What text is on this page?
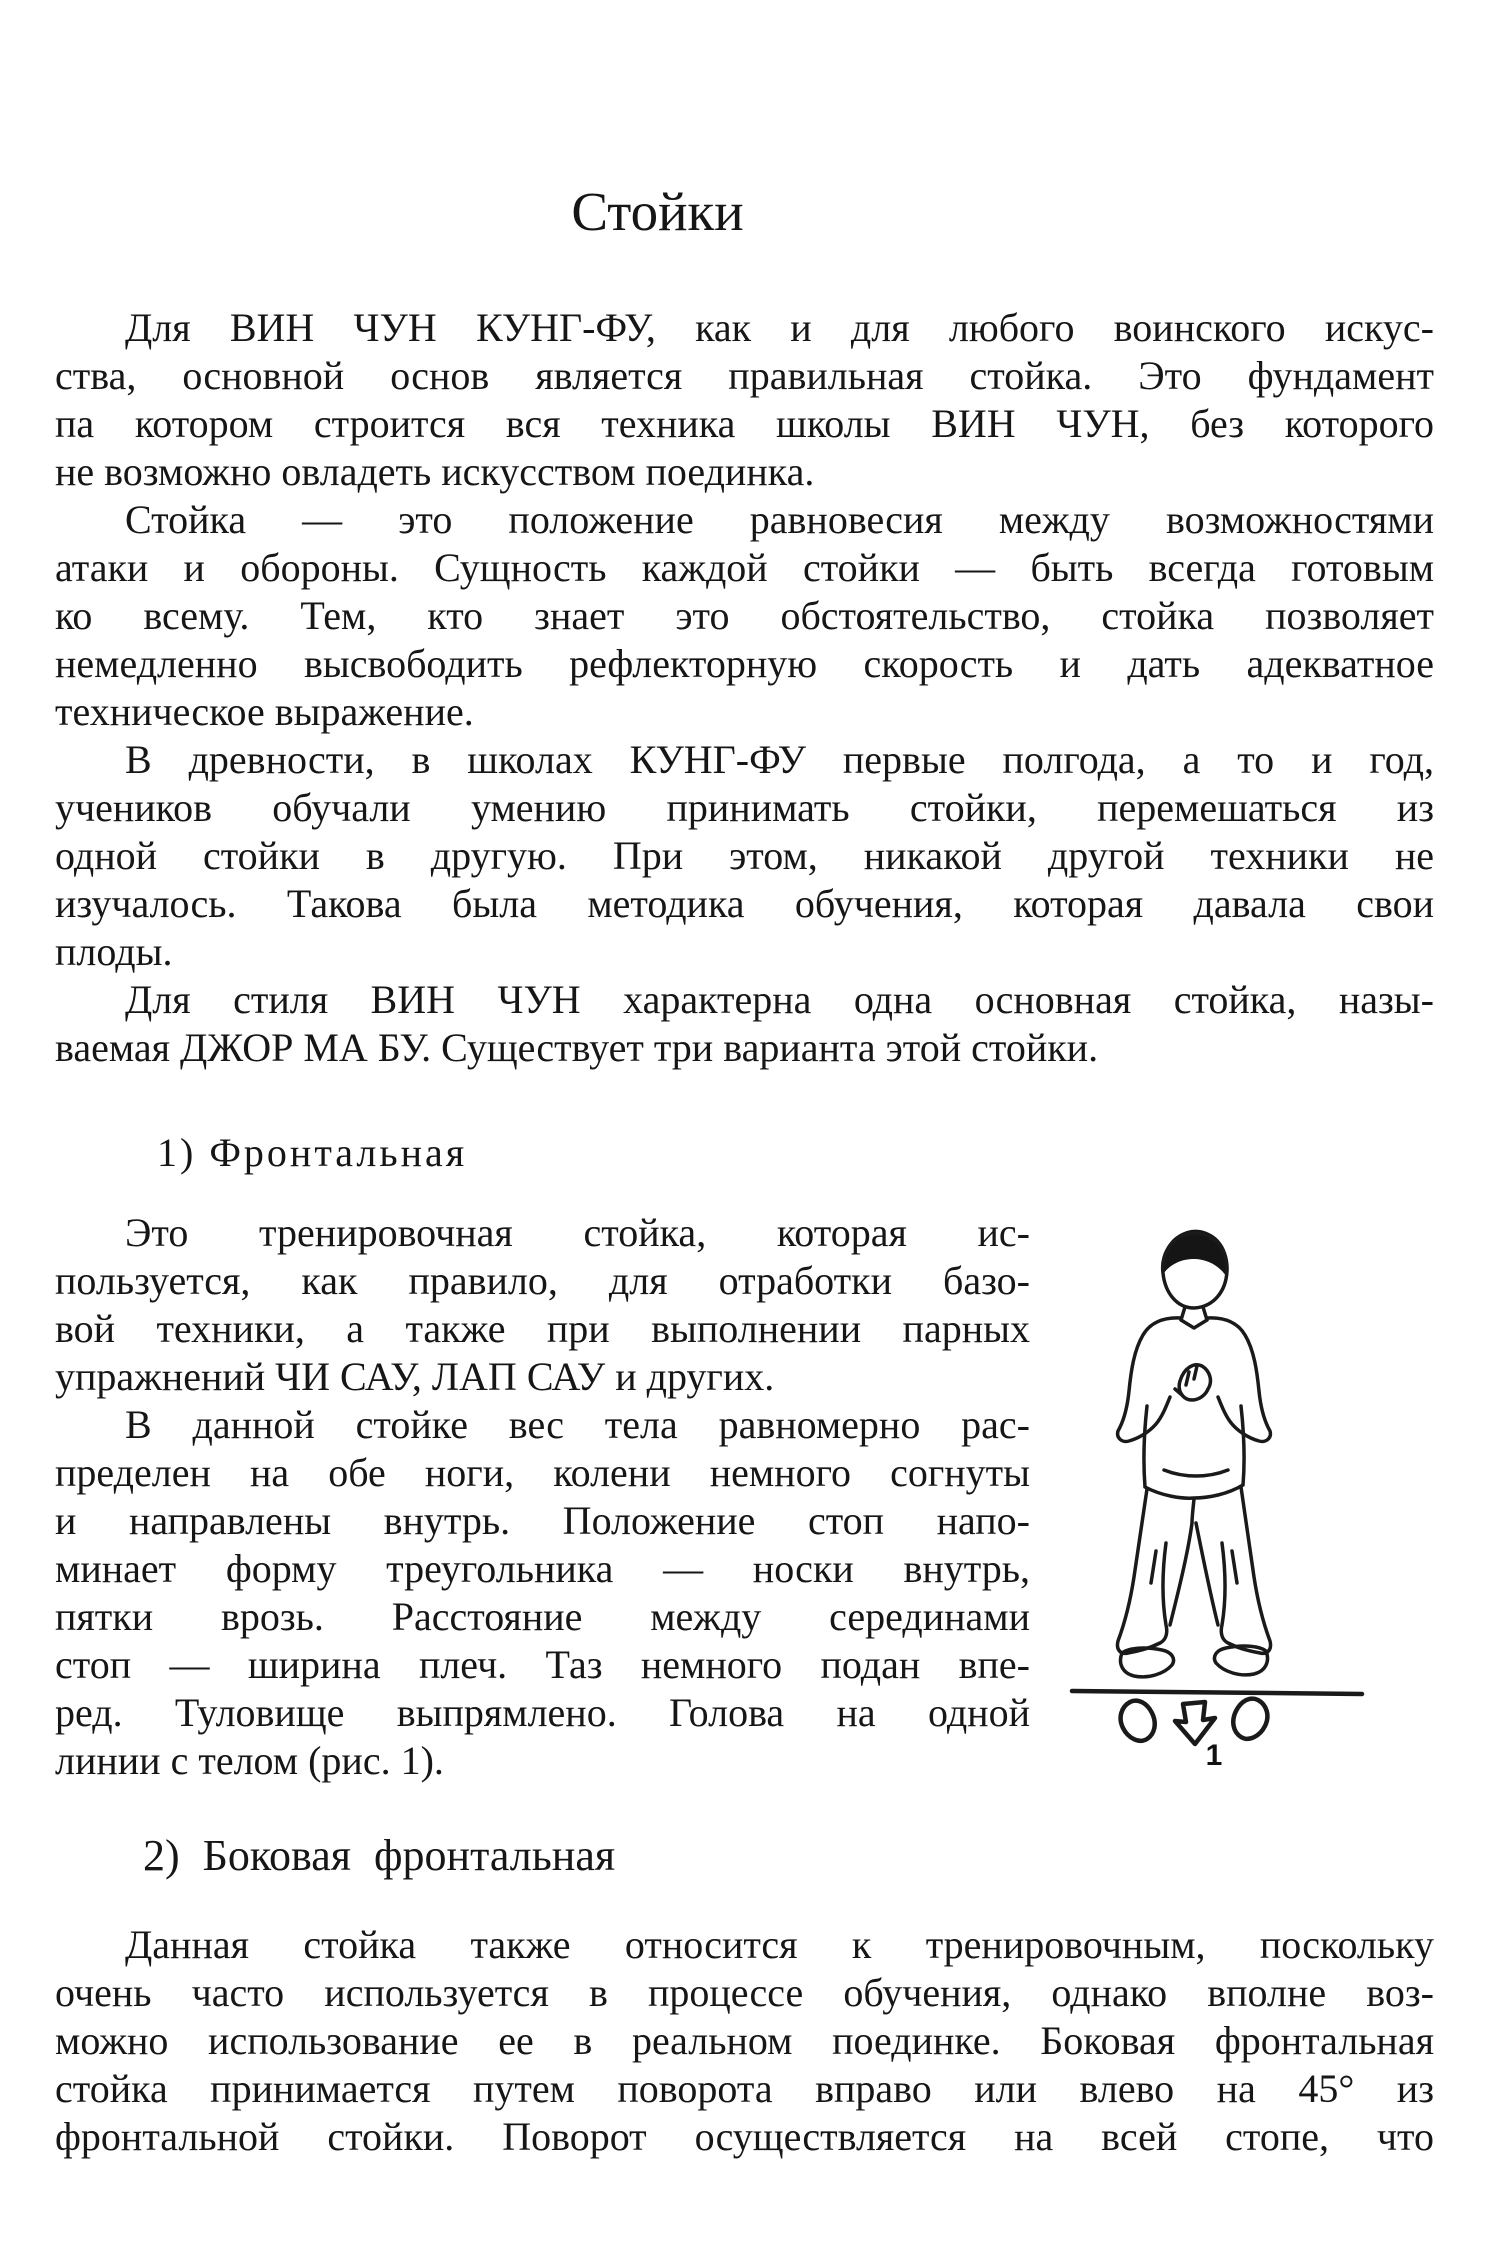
Стойки
Для ВИН ЧУН КУНГ-ФУ, как и для любого воинского искус-
ства, основной основ является правильная стойка. Это фундамент
па котором строится вся техника школы ВИН ЧУН, без которого
не возможно овладеть искусством поединка.
Стойка — это положение равновесия между возможностями
атаки и обороны. Сущность каждой стойки — быть всегда готовым
ко всему. Тем, кто знает это обстоятельство, стойка позволяет
немедленно высвободить рефлекторную скорость и дать адекватное
техническое выражение.
В древности, в школах КУНГ-ФУ первые полгода, а то и год,
учеников обучали умению принимать стойки, перемешаться из
одной стойки в другую. При этом, никакой другой техники не
изучалось. Такова была методика обучения, которая давала свои
плоды.
Для стиля ВИН ЧУН характерна одна основная стойка, назы-
ваемая ДЖОР МА БУ. Существует три варианта этой стойки.
1) Фронтальная
Это тренировочная стойка, которая ис-
пользуется, как правило, для отработки базо-
вой техники, а также при выполнении парных
упражнений ЧИ САУ, ЛАП САУ и других.
В данной стойке вес тела равномерно рас-
пределен на обе ноги, колени немного согнуты
и направлены внутрь. Положение стоп напо-
минает форму треугольника — носки внутрь,
пятки врозь. Расстояние между серединами
стоп — ширина плеч. Таз немного подан впе-
ред. Туловище выпрямлено. Голова на одной
линии с телом (рис. 1).	1
2) Боковая фронтальная
Данная стойка также относится к тренировочным, поскольку
очень часто используется в процессе обучения, однако вполне воз-
можно использование ее в реальном поединке. Боковая фронтальная
стойка принимается путем поворота вправо или влево на 45° из
фронтальной стойки. Поворот осуществляется на всей стопе, что
